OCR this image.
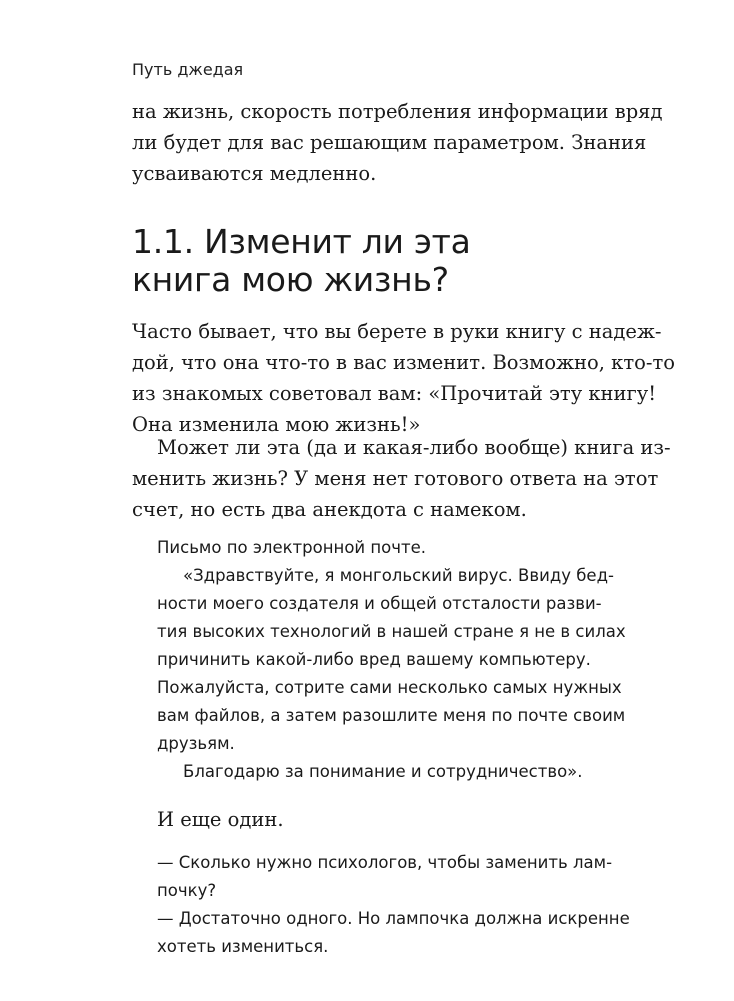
Путь джедая
на жизнь, скорость потребления информации вряд
ли будет для вас решающим параметром. Знания
усваиваются медленно.
1.1. Изменит ли эта
книга мою жизнь?
Часто бывает, что вы берете в руки книгу с надеж-
дой, что она что-то в вас изменит. Возможно, кто-то
из знакомых советовал вам: «Прочитай эту книгу!
Она изменила мою жизнь!»
Может ли эта (да и какая-либо вообще) книга из-
менить жизнь? У меня нет готового ответа на этот
счет, но есть два анекдота с намеком.
Письмо по электронной почте.
«Здравствуйте, я монгольский вирус. Ввиду бед-
ности моего создателя и общей отсталости разви-
тия высоких технологий в нашей стране я не в силах
причинить какой-либо вред вашему компьютеру.
Пожалуйста, сотрите сами несколько самых нужных
вам файлов, а затем разошлите меня по почте своим
друзьям.
Благодарю за понимание и сотрудничество».
И еще один.
— Сколько нужно психологов, чтобы заменить лам-
почку?
— Достаточно одного. Но лампочка должна искренне
хотеть измениться.
